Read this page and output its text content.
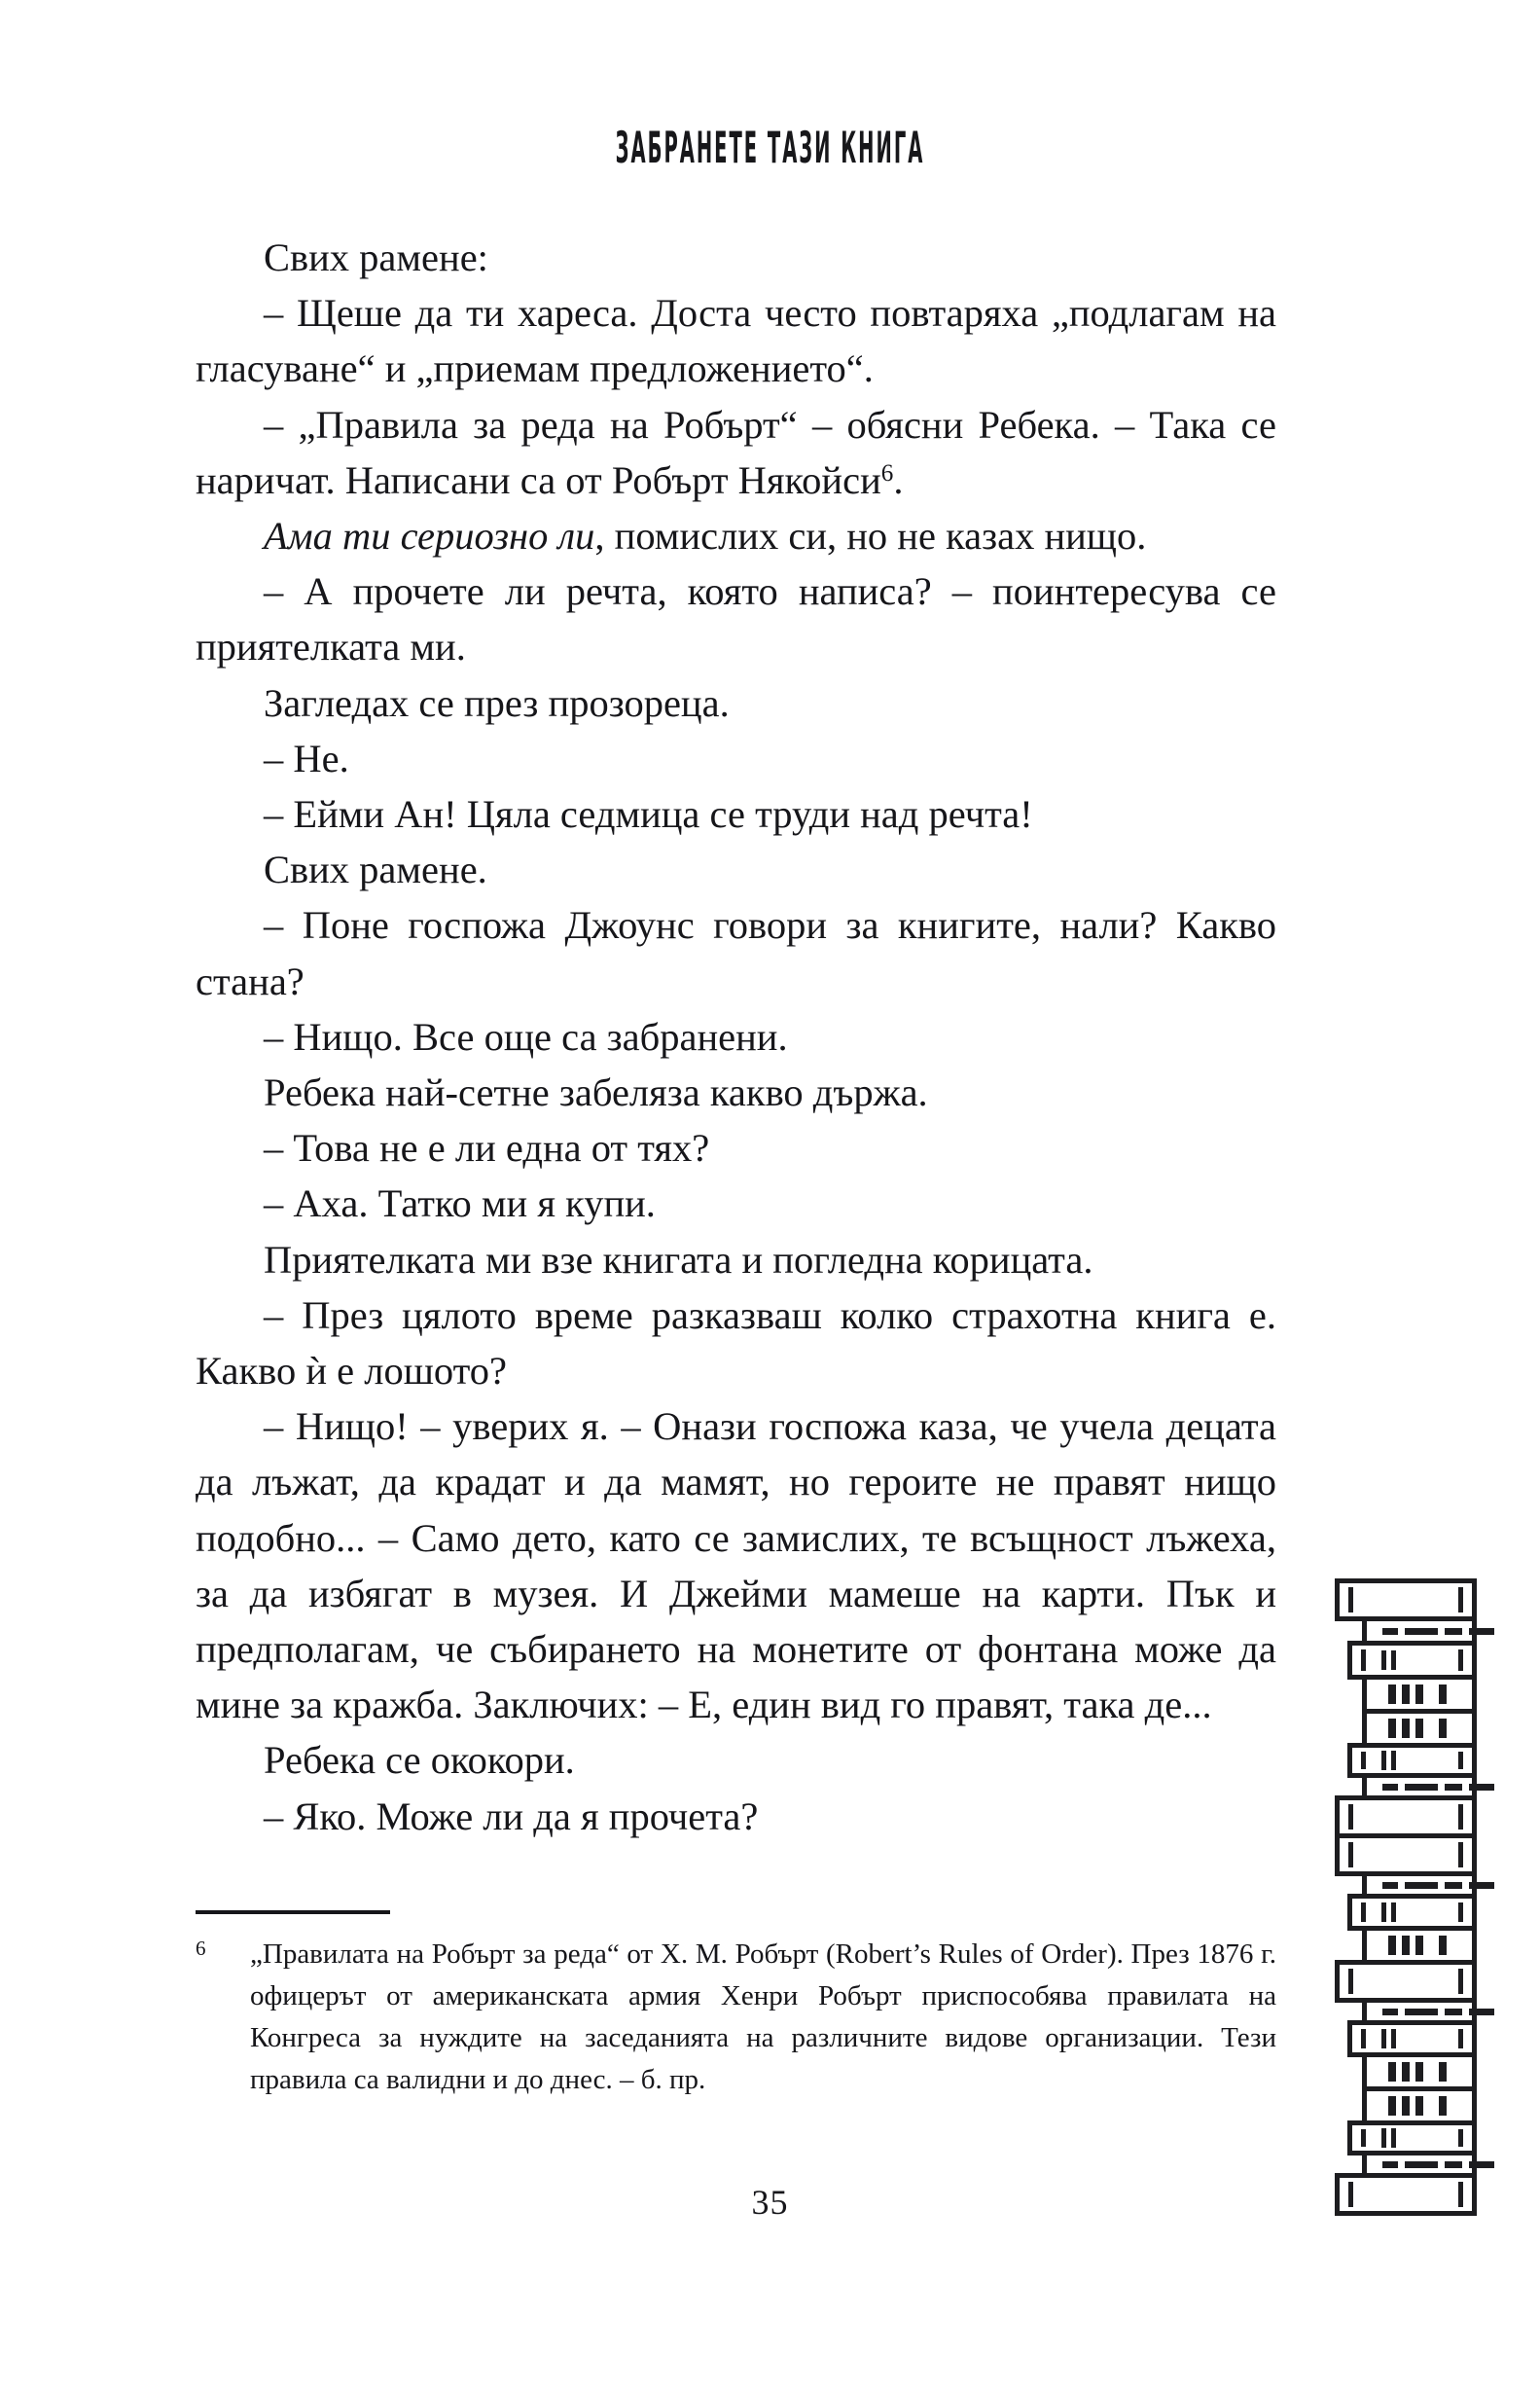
ЗАБРАНЕТЕ ТАЗИ КНИГА

Свих рамене:

– Щеше да ти хареса. Доста често повтаряха „подлагам на гласуване“ и „приемам предложението“.

– „Правила за реда на Робърт“ – обясни Ребека. – Така се наричат. Написани са от Робърт Някойси$^6$.

Ама ти сериозно ли, помислих си, но не казах нищо.

– А прочете ли речта, която написа? – поинтересува се приятелката ми.

Загледах се през прозореца.

– Не.

– Ейми Ан! Цяла седмица се труди над речта!

Свих рамене.

– Поне госпожа Джоунс говори за книгите, нали? Какво стана?

– Нищо. Все още са забранени.

Ребека най-сетне забеляза какво държа.

– Това не е ли една от тях?

– Аха. Татко ми я купи.

Приятелката ми взе книгата и погледна корицата.

– През цялото време разказваш колко страхотна книга е. Какво ѝ е лошото?

– Нищо! – уверих я. – Онази госпожа каза, че учела децата да лъжат, да крадат и да мамят, но героите не правят нищо подобно... – Само дето, като се замислих, те всъщност лъжеха, за да избягат в музея. И Джейми мамеше на карти. Пък и предполагам, че събирането на монетите от фонтана може да мине за кражба. Заключих: – Е, един вид го правят, така де...

Ребека се ококори.

– Яко. Може ли да я прочета?

6 „Правилата на Робърт за реда“ от Х. М. Робърт (Robert’s Rules of Order). През 1876 г. офицерът от американската армия Хенри Робърт приспособява правилата на Конгреса за нуждите на заседанията на различните видове организации. Тези правила са валидни и до днес. – б. пр.
35
